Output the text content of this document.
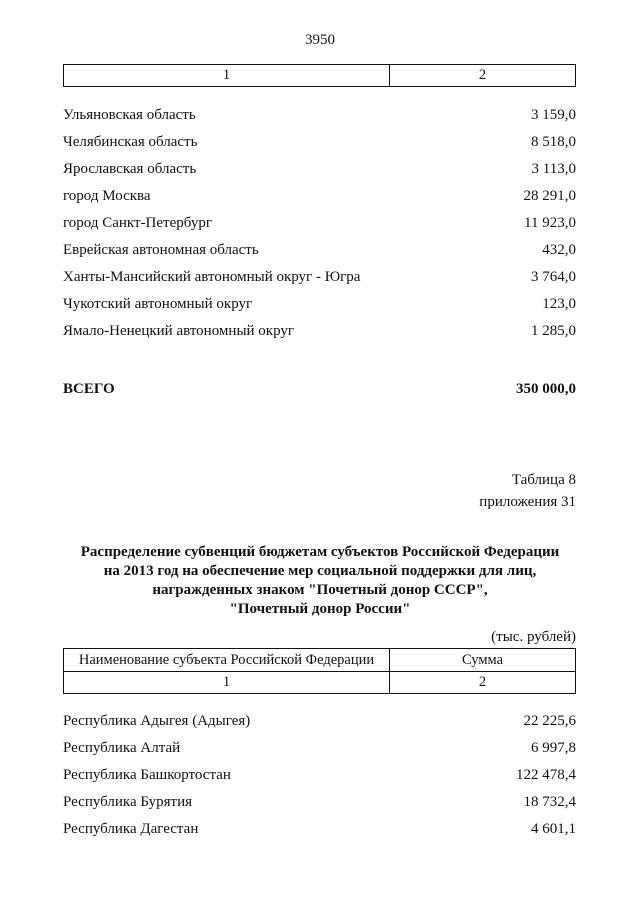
3950
1	2
Ульяновская область	3 159,0
Челябинская область	8 518,0
Ярославская область	3 113,0
город Москва	28 291,0
город Санкт-Петербург	11 923,0
Еврейская автономная область	432,0
Ханты-Мансийский автономный округ - Югра	3 764,0
Чукотский автономный округ	123,0
Ямало-Ненецкий автономный округ	1 285,0
ВСЕГО	350 000,0
Таблица 8
приложения 31
Распределение субвенций бюджетам субъектов Российской Федерации
на 2013 год на обеспечение мер социальной поддержки для лиц,
награжденных знаком "Почетный донор СССР",
"Почетный донор России"
(тыс. рублей)
Наименование субъекта Российской Федерации	Сумма
1	2
Республика Адыгея (Адыгея)	22 225,6
Республика Алтай	6 997,8
Республика Башкортостан	122 478,4
Республика Бурятия	18 732,4
Республика Дагестан	4 601,1
